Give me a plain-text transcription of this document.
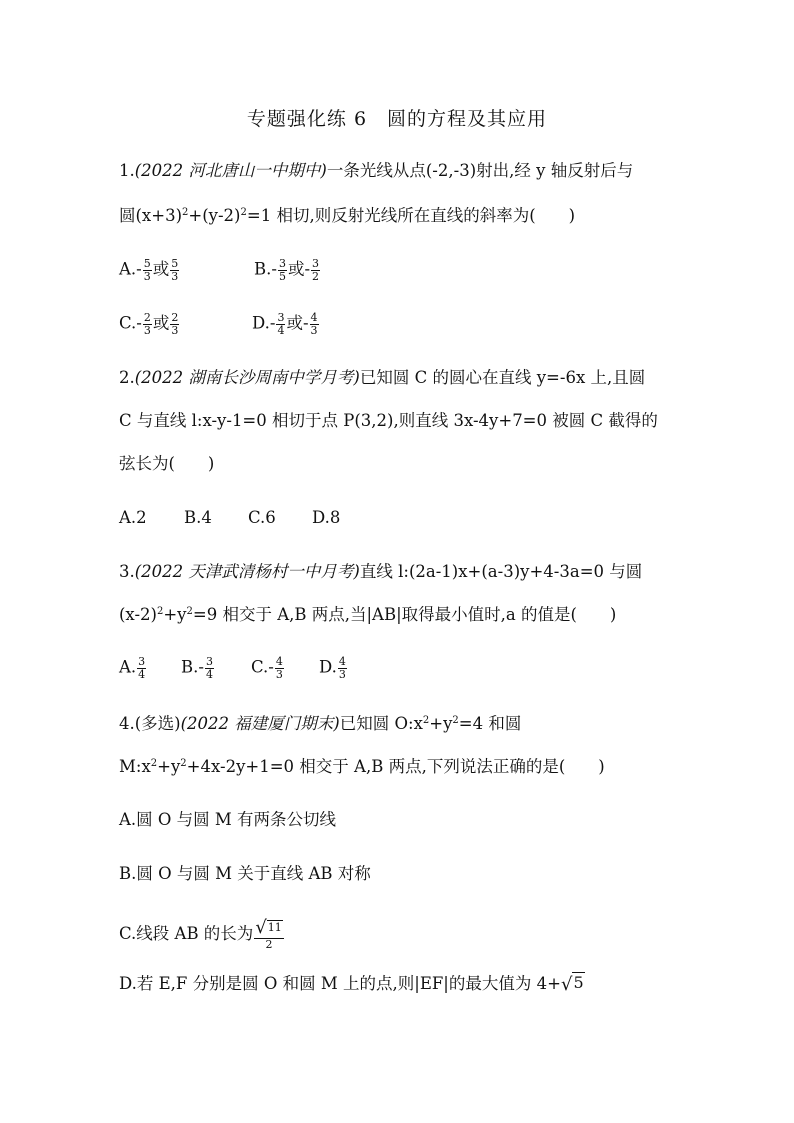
专题强化练 6　圆的方程及其应用
1.(2022 河北唐山一中期中)一条光线从点(-2,-3)射出,经 y 轴反射后与
圆$(x+3)^2+(y-2)^2=1$ 相切,则反射光线所在直线的斜率为(　　)
$A.- \frac{5}{3}$ 或 $\frac{5}{3}$	$B.- \frac{3}{5}$ 或- $\frac{3}{2}$
$C.- \frac{2}{3}$ 或 $\frac{2}{3}$	$D.- \frac{3}{4}$ 或- $\frac{4}{3}$
2.(2022 湖南长沙周南中学月考)已知圆 C 的圆心在直线 y=-6x 上,且圆
C 与直线 l:x-y-1=0 相切于点 P(3,2),则直线 3x-4y+7=0 被圆 C 截得的
弦长为(　　)
A.2 B.4 C.6 D.8
3.(2022 天津武清杨村一中月考)直线 l:(2a-1)x+(a-3)y+4-3a=0 与圆
$(x-2)^2+y^2=9$ 相交于 A,B 两点,当|AB|取得最小值时,a 的值是(　　)
A. $\frac{3}{4} B.- \frac{3}{4} C.- \frac{4}{3} D$. $\frac{4}{3}$
4.(多选)(2022 福建厦门期末)已知圆 $O:x^2+y^2=4$ 和圆
$M:x^2+y^2+4x-2y+1=0$ 相交于 A,B 两点,下列说法正确的是(　　)
A.圆 O 与圆 M 有两条公切线
B.圆 O 与圆 M 关于直线 AB 对称
C.线段 AB 的长为 $\frac{√11}{2}$
D.若 E,F 分别是圆 O 和圆 M 上的点,则|EF|的最大值为 4+√5
